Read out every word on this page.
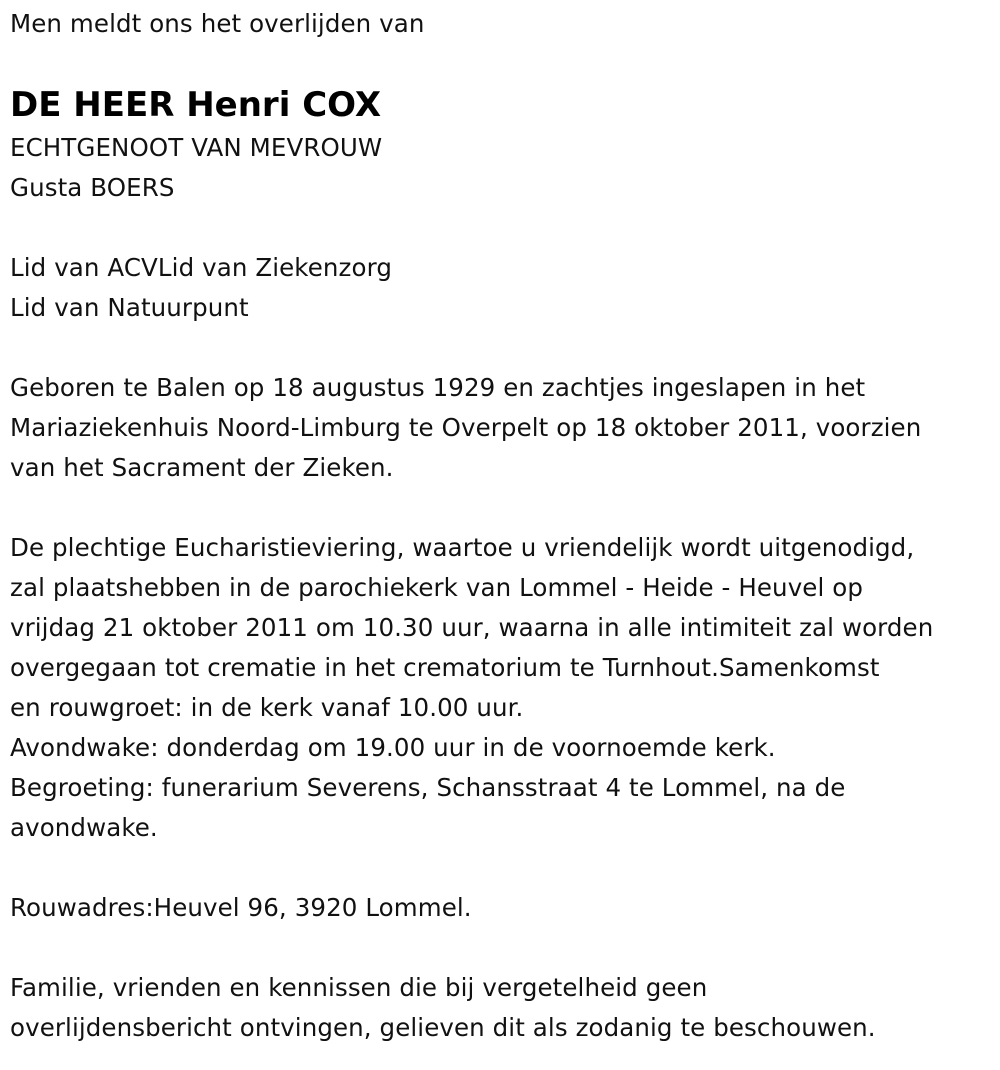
Men meldt ons het overlijden van
DE HEER Henri COX
ECHTGENOOT VAN MEVROUW
Gusta BOERS
Lid van ACVLid van Ziekenzorg
Lid van Natuurpunt
Geboren te Balen op 18 augustus 1929 en zachtjes ingeslapen in het
Mariaziekenhuis Noord-Limburg te Overpelt op 18 oktober 2011, voorzien
van het Sacrament der Zieken.
De plechtige Eucharistieviering, waartoe u vriendelijk wordt uitgenodigd,
zal plaatshebben in de parochiekerk van Lommel - Heide - Heuvel op
vrijdag 21 oktober 2011 om 10.30 uur, waarna in alle intimiteit zal worden
overgegaan tot crematie in het crematorium te Turnhout.Samenkomst
en rouwgroet: in de kerk vanaf 10.00 uur.
Avondwake: donderdag om 19.00 uur in de voornoemde kerk.
Begroeting: funerarium Severens, Schansstraat 4 te Lommel, na de
avondwake.
Rouwadres:Heuvel 96, 3920 Lommel.
Familie, vrienden en kennissen die bij vergetelheid geen
overlijdensbericht ontvingen, gelieven dit als zodanig te beschouwen.
